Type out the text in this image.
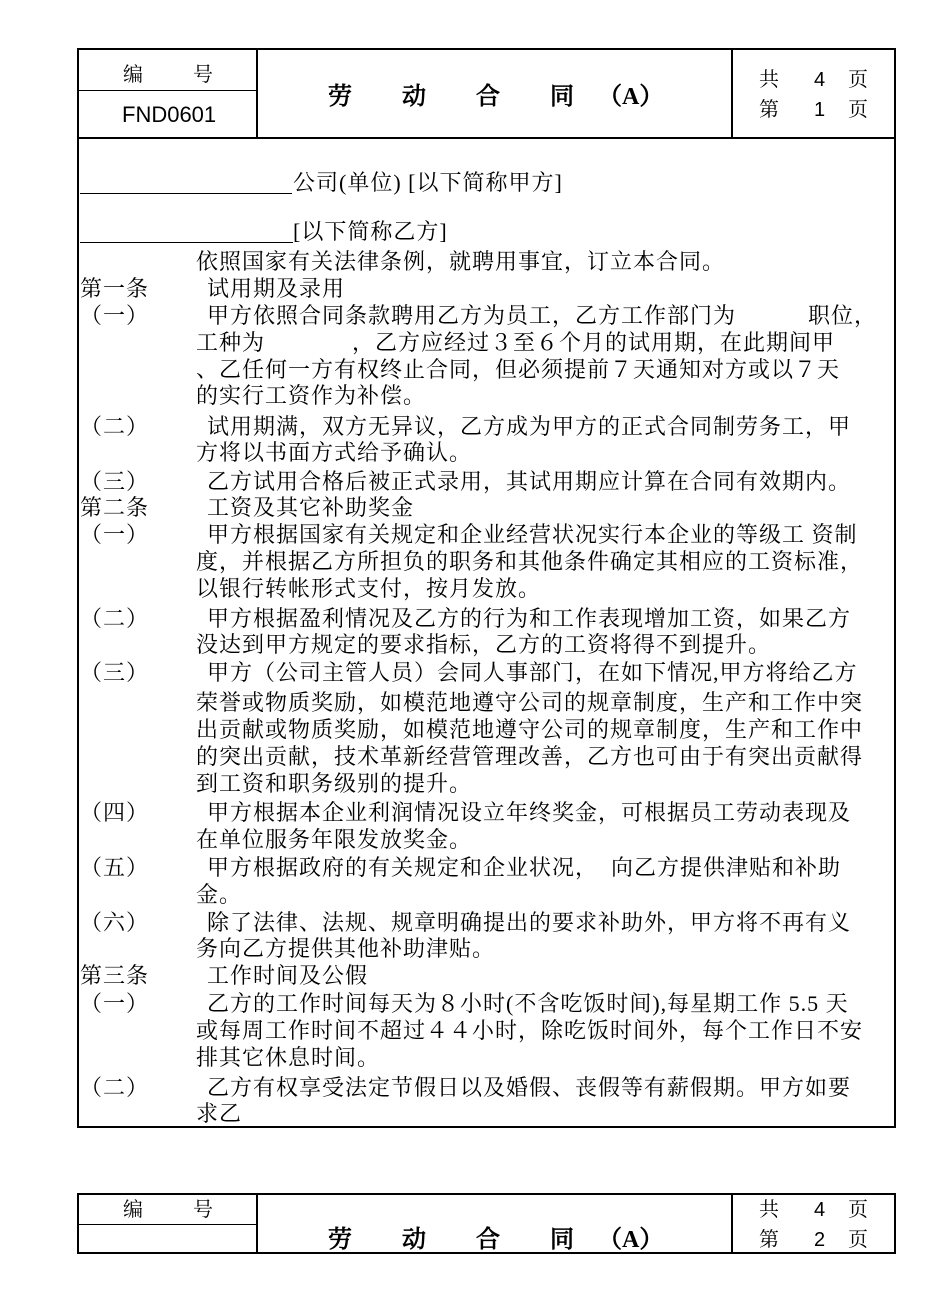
编 号
FND0601
劳 动 合 同 （A）
共 4 页
第 1 页
公司(单位) [以下简称甲方]
[以下简称乙方]
依照国家有关法律条例，就聘用事宜，订立本合同。
第一条	试用期及录用
（一）	甲方依照合同条款聘用乙方为员工，乙方工作部门为	职位，
工种为	，乙方应经过３至６个月的试用期，在此期间甲
、乙任何一方有权终止合同，但必须提前７天通知对方或以７天
的实行工资作为补偿。
（二）	试用期满，双方无异议，乙方成为甲方的正式合同制劳务工，甲
方将以书面方式给予确认。
（三）	乙方试用合格后被正式录用，其试用期应计算在合同有效期内。
第二条	工资及其它补助奖金
（一）	甲方根据国家有关规定和企业经营状况实行本企业的等级工 资制
度，并根据乙方所担负的职务和其他条件确定其相应的工资标准，
以银行转帐形式支付，按月发放。
（二）	甲方根据盈利情况及乙方的行为和工作表现增加工资，如果乙方
没达到甲方规定的要求指标，乙方的工资将得不到提升。
（三）	甲方（公司主管人员）会同人事部门，在如下情况,甲方将给乙方
荣誉或物质奖励，如模范地遵守公司的规章制度，生产和工作中突
出贡献或物质奖励，如模范地遵守公司的规章制度，生产和工作中
的突出贡献，技术革新经营管理改善，乙方也可由于有突出贡献得
到工资和职务级别的提升。
（四）	甲方根据本企业利润情况设立年终奖金，可根据员工劳动表现及
在单位服务年限发放奖金。
（五）	甲方根据政府的有关规定和企业状况，  向乙方提供津贴和补助
金。
（六）	除了法律、法规、规章明确提出的要求补助外，甲方将不再有义
务向乙方提供其他补助津贴。
第三条	工作时间及公假
（一）	乙方的工作时间每天为８小时(不含吃饭时间),每星期工作 5.5 天
或每周工作时间不超过４４小时，除吃饭时间外，每个工作日不安
排其它休息时间。
（二）	乙方有权享受法定节假日以及婚假、丧假等有薪假期。甲方如要
求乙
编 号
劳 动 合 同 （A）
共 4 页
第 2 页
